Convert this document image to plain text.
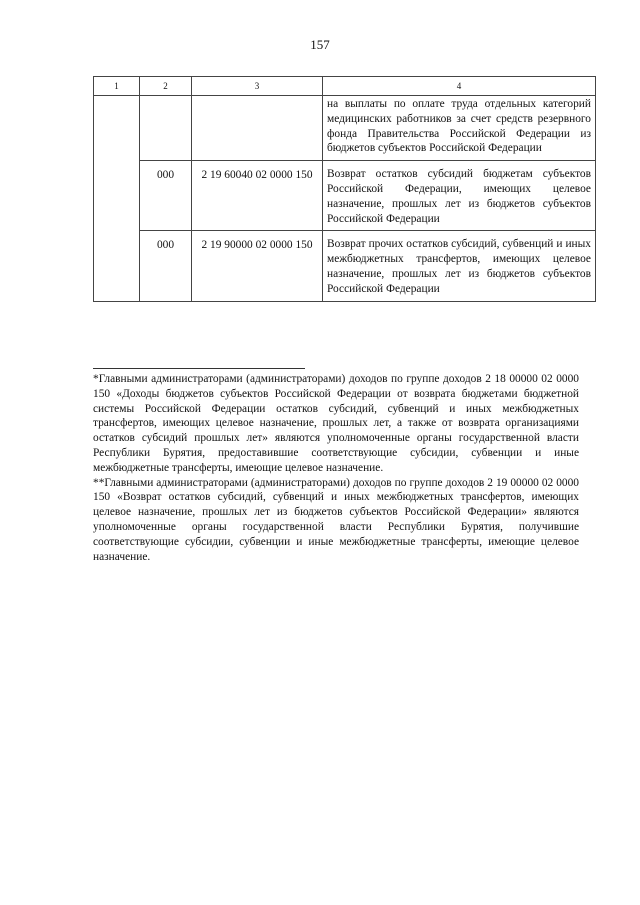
157
1	2	3	4
			на выплаты по оплате труда отдельных категорий медицинских работников за счет средств резервного фонда Правительства Российской Федерации из бюджетов субъектов Российской Федерации
	000	2 19 60040 02 0000 150	Возврат остатков субсидий бюджетам субъектов Российской Федерации, имеющих целевое назначение, прошлых лет из бюджетов субъектов Российской Федерации
	000	2 19 90000 02 0000 150	Возврат прочих остатков субсидий, субвенций и иных межбюджетных трансфертов, имеющих целевое назначение, прошлых лет из бюджетов субъектов Российской Федерации

*Главными администраторами (администраторами) доходов по группе доходов 2 18 00000 02 0000 150 «Доходы бюджетов субъектов Российской Федерации от возврата бюджетами бюджетной системы Российской Федерации остатков субсидий, субвенций и иных межбюджетных трансфертов, имеющих целевое назначение, прошлых лет, а также от возврата организациями остатков субсидий прошлых лет» являются уполномоченные органы государственной власти Республики Бурятия, предоставившие соответствующие субсидии, субвенции и иные межбюджетные трансферты, имеющие целевое назначение.

**Главными администраторами (администраторами) доходов по группе доходов 2 19 00000 02 0000 150 «Возврат остатков субсидий, субвенций и иных межбюджетных трансфертов, имеющих целевое назначение, прошлых лет из бюджетов субъектов Российской Федерации» являются уполномоченные органы государственной власти Республики Бурятия, получившие соответствующие субсидии, субвенции и иные межбюджетные трансферты, имеющие целевое назначение.
